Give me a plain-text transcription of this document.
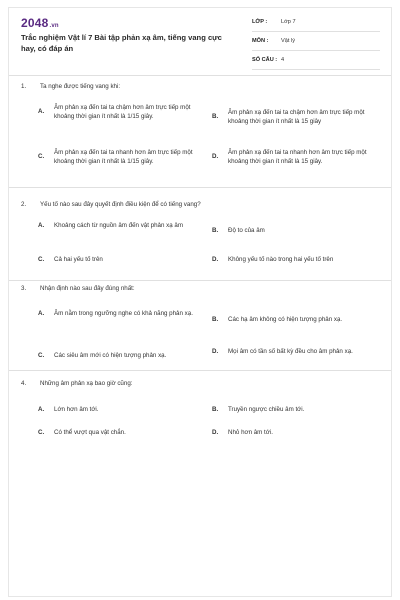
2048.vn
Trắc nghiệm Vật lí 7 Bài tập phản xạ âm, tiếng vang cực hay, có đáp án
LỚP : Lớp 7
MÔN : Vật lý
SỐ CÂU : 4
1. Ta nghe được tiếng vang khi:
A.
Âm phản xạ đến tai ta chậm hơn âm trực tiếp một khoảng thời gian ít nhất là 1/15 giây.	B.
Âm phản xạ đến tai ta chậm hơn âm trực tiếp một khoảng thời gian ít nhất là 15 giây
C.
Âm phản xạ đến tai ta nhanh hơn âm trực tiếp một khoảng thời gian ít nhất là 1/15 giây.
D.
Âm phản xạ đến tai ta nhanh hơn âm trực tiếp một khoảng thời gian ít nhất là 15 giây.
2. Yếu tố nào sau đây quyết định điều kiện để có tiếng vang?
A.	Khoảng cách từ nguồn âm đến vật phản xạ âm
B.	Độ to của âm
C.	Cả hai yếu tố trên	D.	Không yếu tố nào trong hai yếu tố trên
3. Nhận định nào sau đây đúng nhất:
A.	Âm nằm trong ngưỡng nghe có khả năng phản xạ.
B.	Các hạ âm không có hiện tượng phản xạ.
C.	Các siêu âm mới có hiện tượng phản xạ.
D.	Mọi âm có tần số bất kỳ đều cho âm phản xạ.
4. Những âm phản xạ bao giờ cũng:
A.	Lớn hơn âm tới.	B.	Truyền ngược chiều âm tới.
C.	Có thể vượt qua vật chắn.	D.	Nhỏ hơn âm tới.
